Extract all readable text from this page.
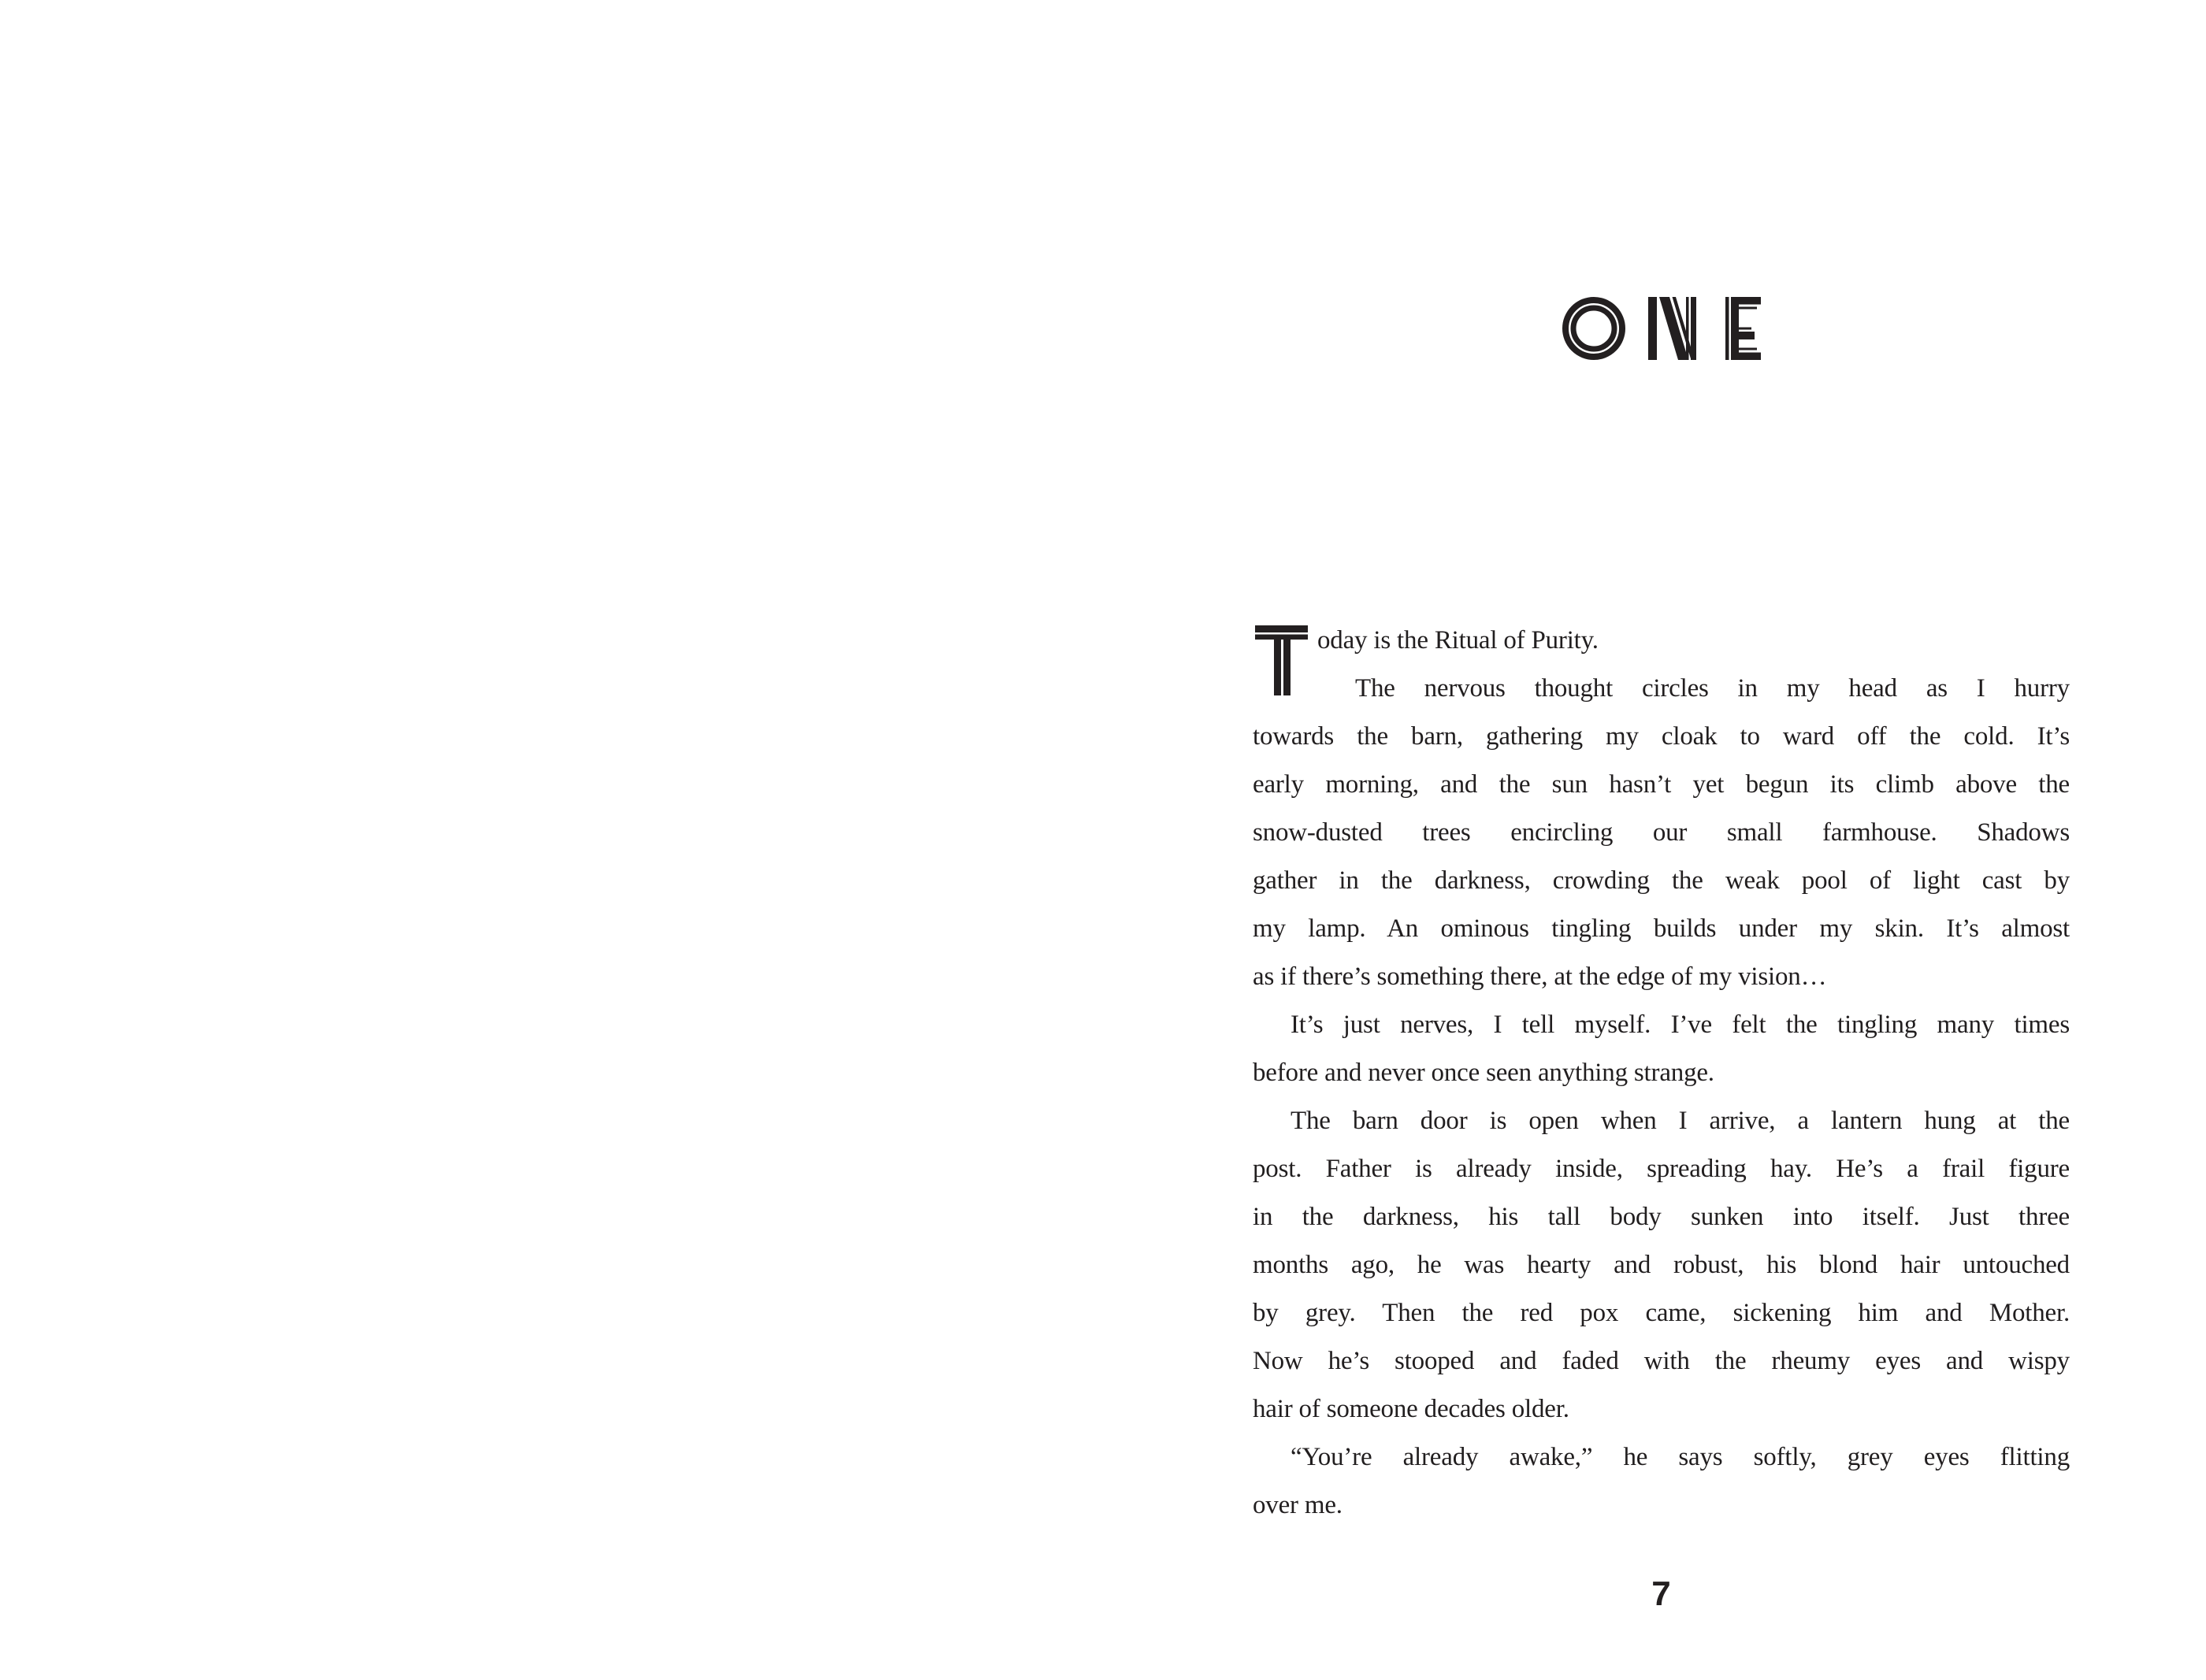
oday is the Ritual of Purity.
The nervous thought circles in my head as I hurry
towards the barn, gathering my cloak to ward off the cold. It’s
early morning, and the sun hasn’t yet begun its climb above the
snow-dusted trees encircling our small farmhouse. Shadows
gather in the darkness, crowding the weak pool of light cast by
my lamp. An ominous tingling builds under my skin. It’s almost
as if there’s something there, at the edge of my vision…
It’s just nerves, I tell myself. I’ve felt the tingling many times
before and never once seen anything strange.
The barn door is open when I arrive, a lantern hung at the
post. Father is already inside, spreading hay. He’s a frail figure
in the darkness, his tall body sunken into itself. Just three
months ago, he was hearty and robust, his blond hair untouched
by grey. Then the red pox came, sickening him and Mother.
Now he’s stooped and faded with the rheumy eyes and wispy
hair of someone decades older.
“You’re already awake,” he says softly, grey eyes flitting
over me.
7
